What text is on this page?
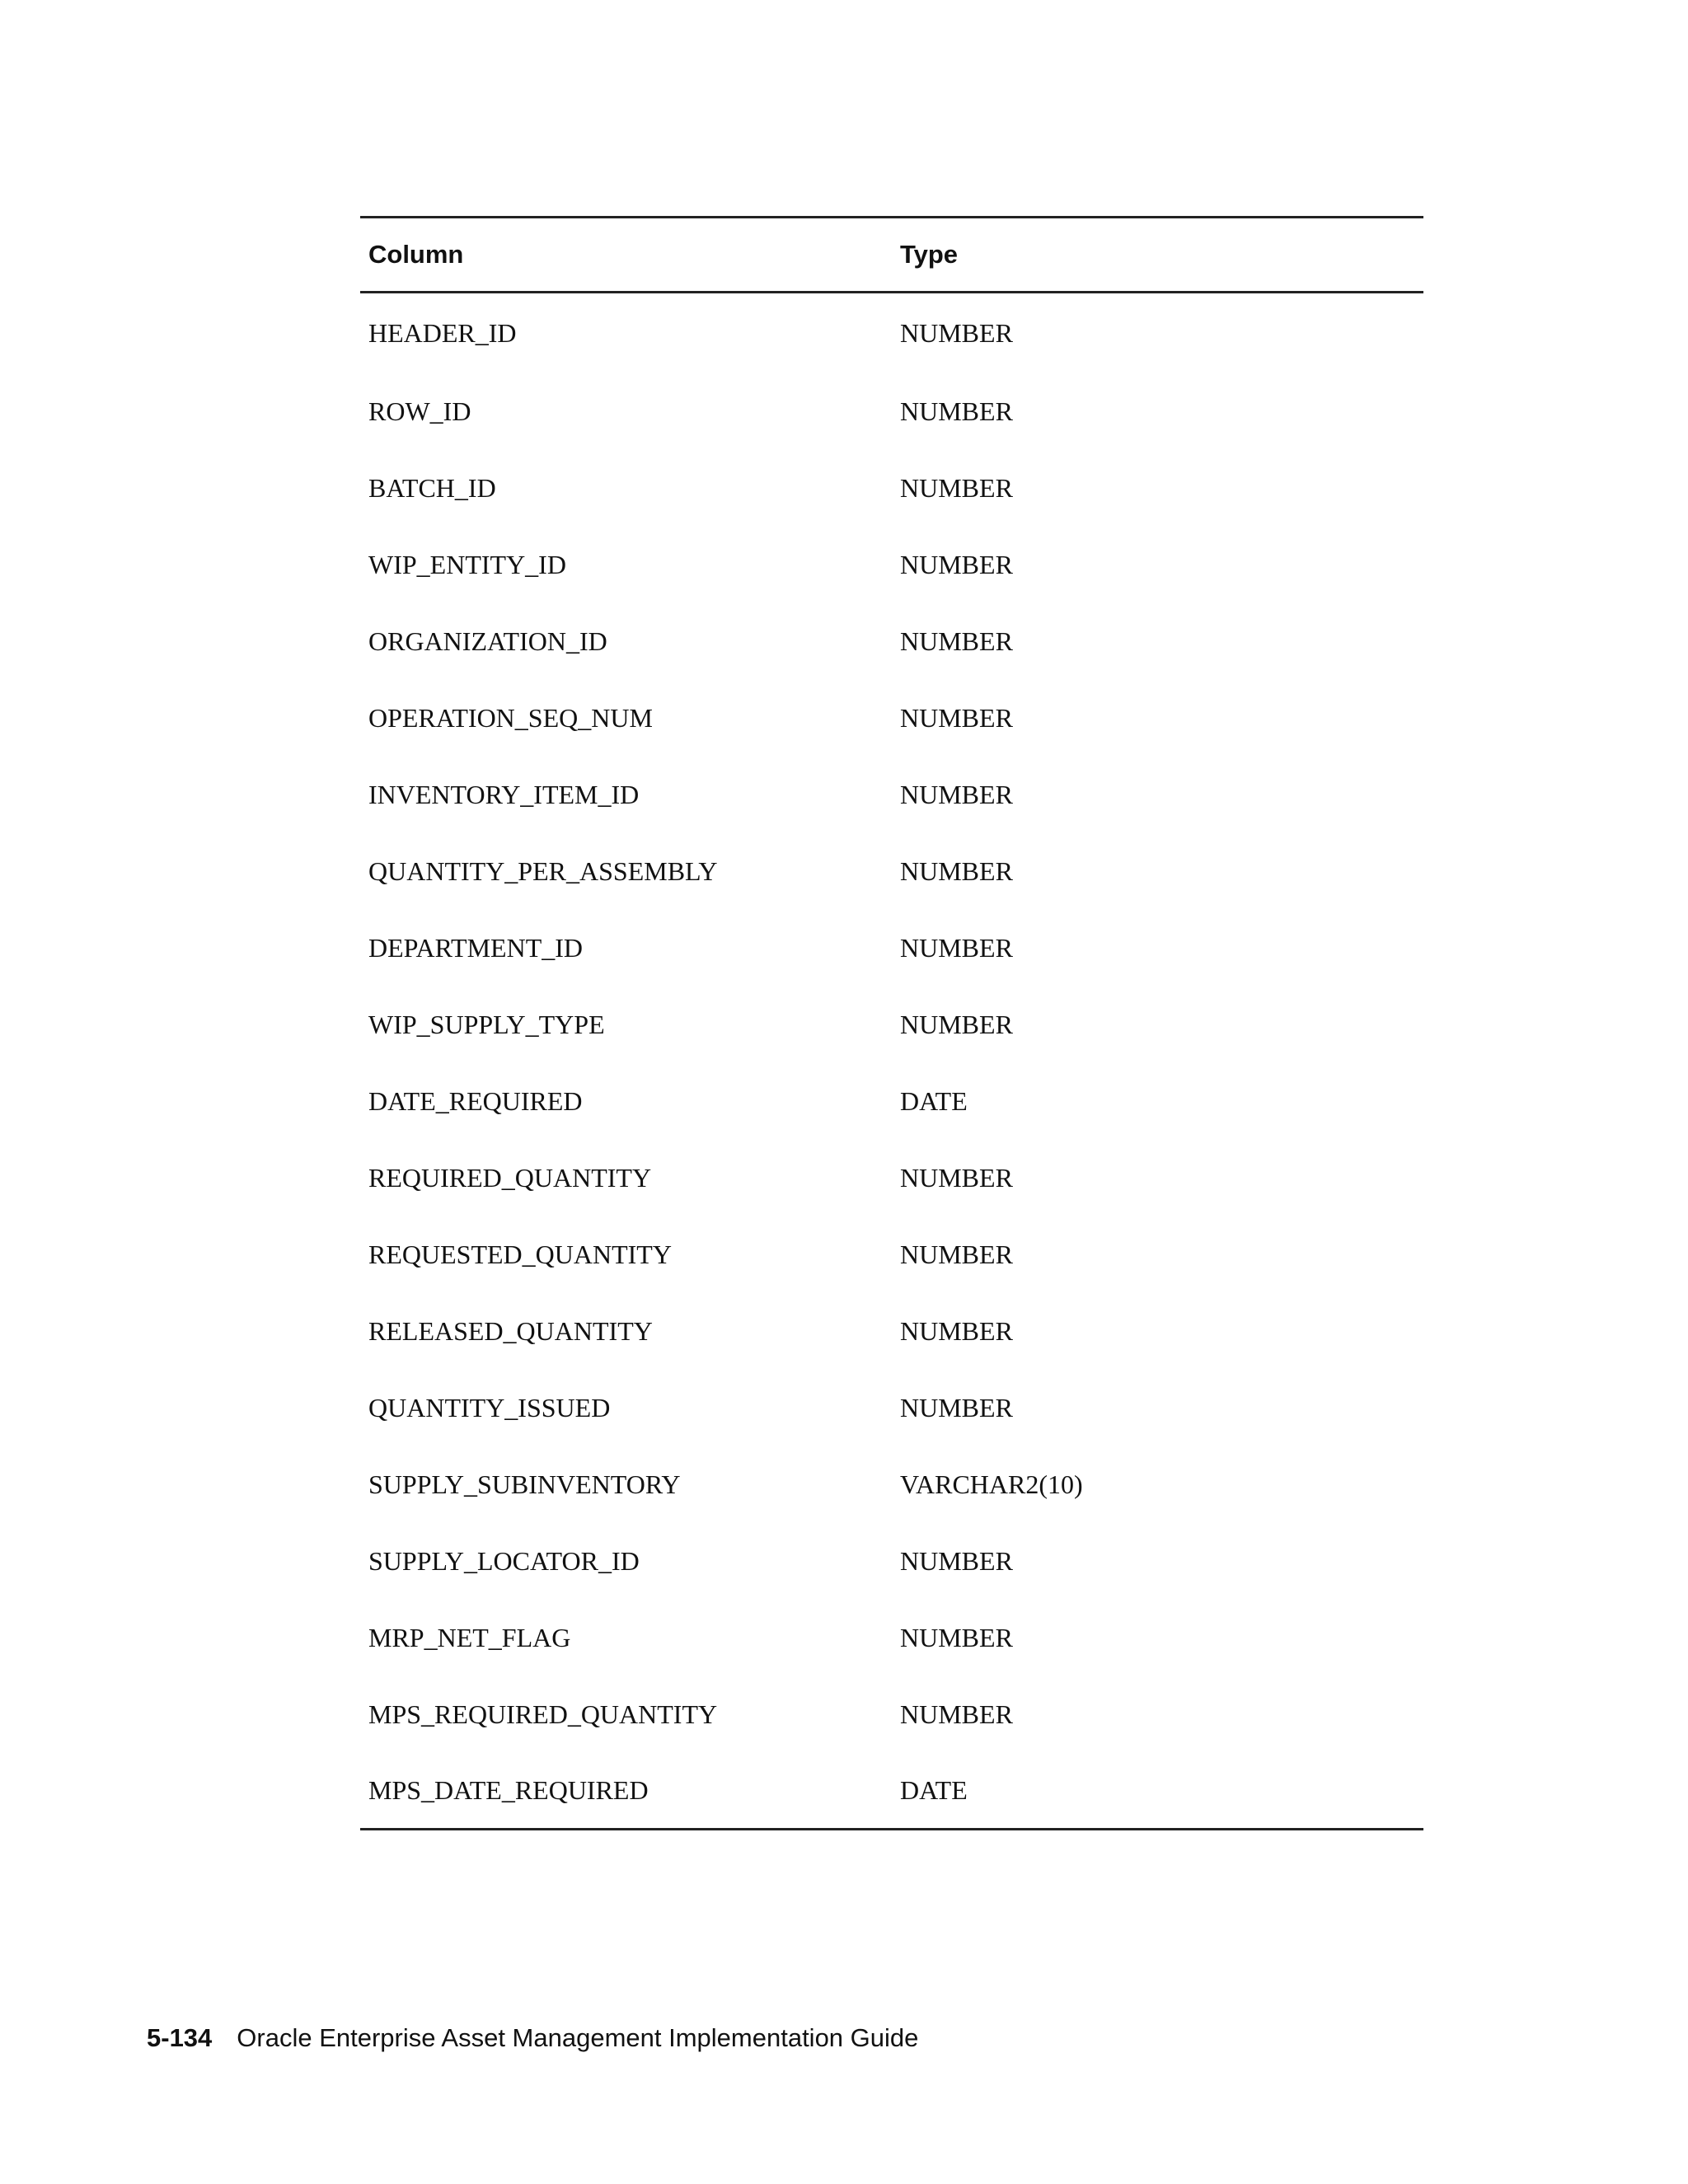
Column	Type
HEADER_ID	NUMBER
ROW_ID	NUMBER
BATCH_ID	NUMBER
WIP_ENTITY_ID	NUMBER
ORGANIZATION_ID	NUMBER
OPERATION_SEQ_NUM	NUMBER
INVENTORY_ITEM_ID	NUMBER
QUANTITY_PER_ASSEMBLY	NUMBER
DEPARTMENT_ID	NUMBER
WIP_SUPPLY_TYPE	NUMBER
DATE_REQUIRED	DATE
REQUIRED_QUANTITY	NUMBER
REQUESTED_QUANTITY	NUMBER
RELEASED_QUANTITY	NUMBER
QUANTITY_ISSUED	NUMBER
SUPPLY_SUBINVENTORY	VARCHAR2(10)
SUPPLY_LOCATOR_ID	NUMBER
MRP_NET_FLAG	NUMBER
MPS_REQUIRED_QUANTITY	NUMBER
MPS_DATE_REQUIRED	DATE
5-134 Oracle Enterprise Asset Management Implementation Guide
